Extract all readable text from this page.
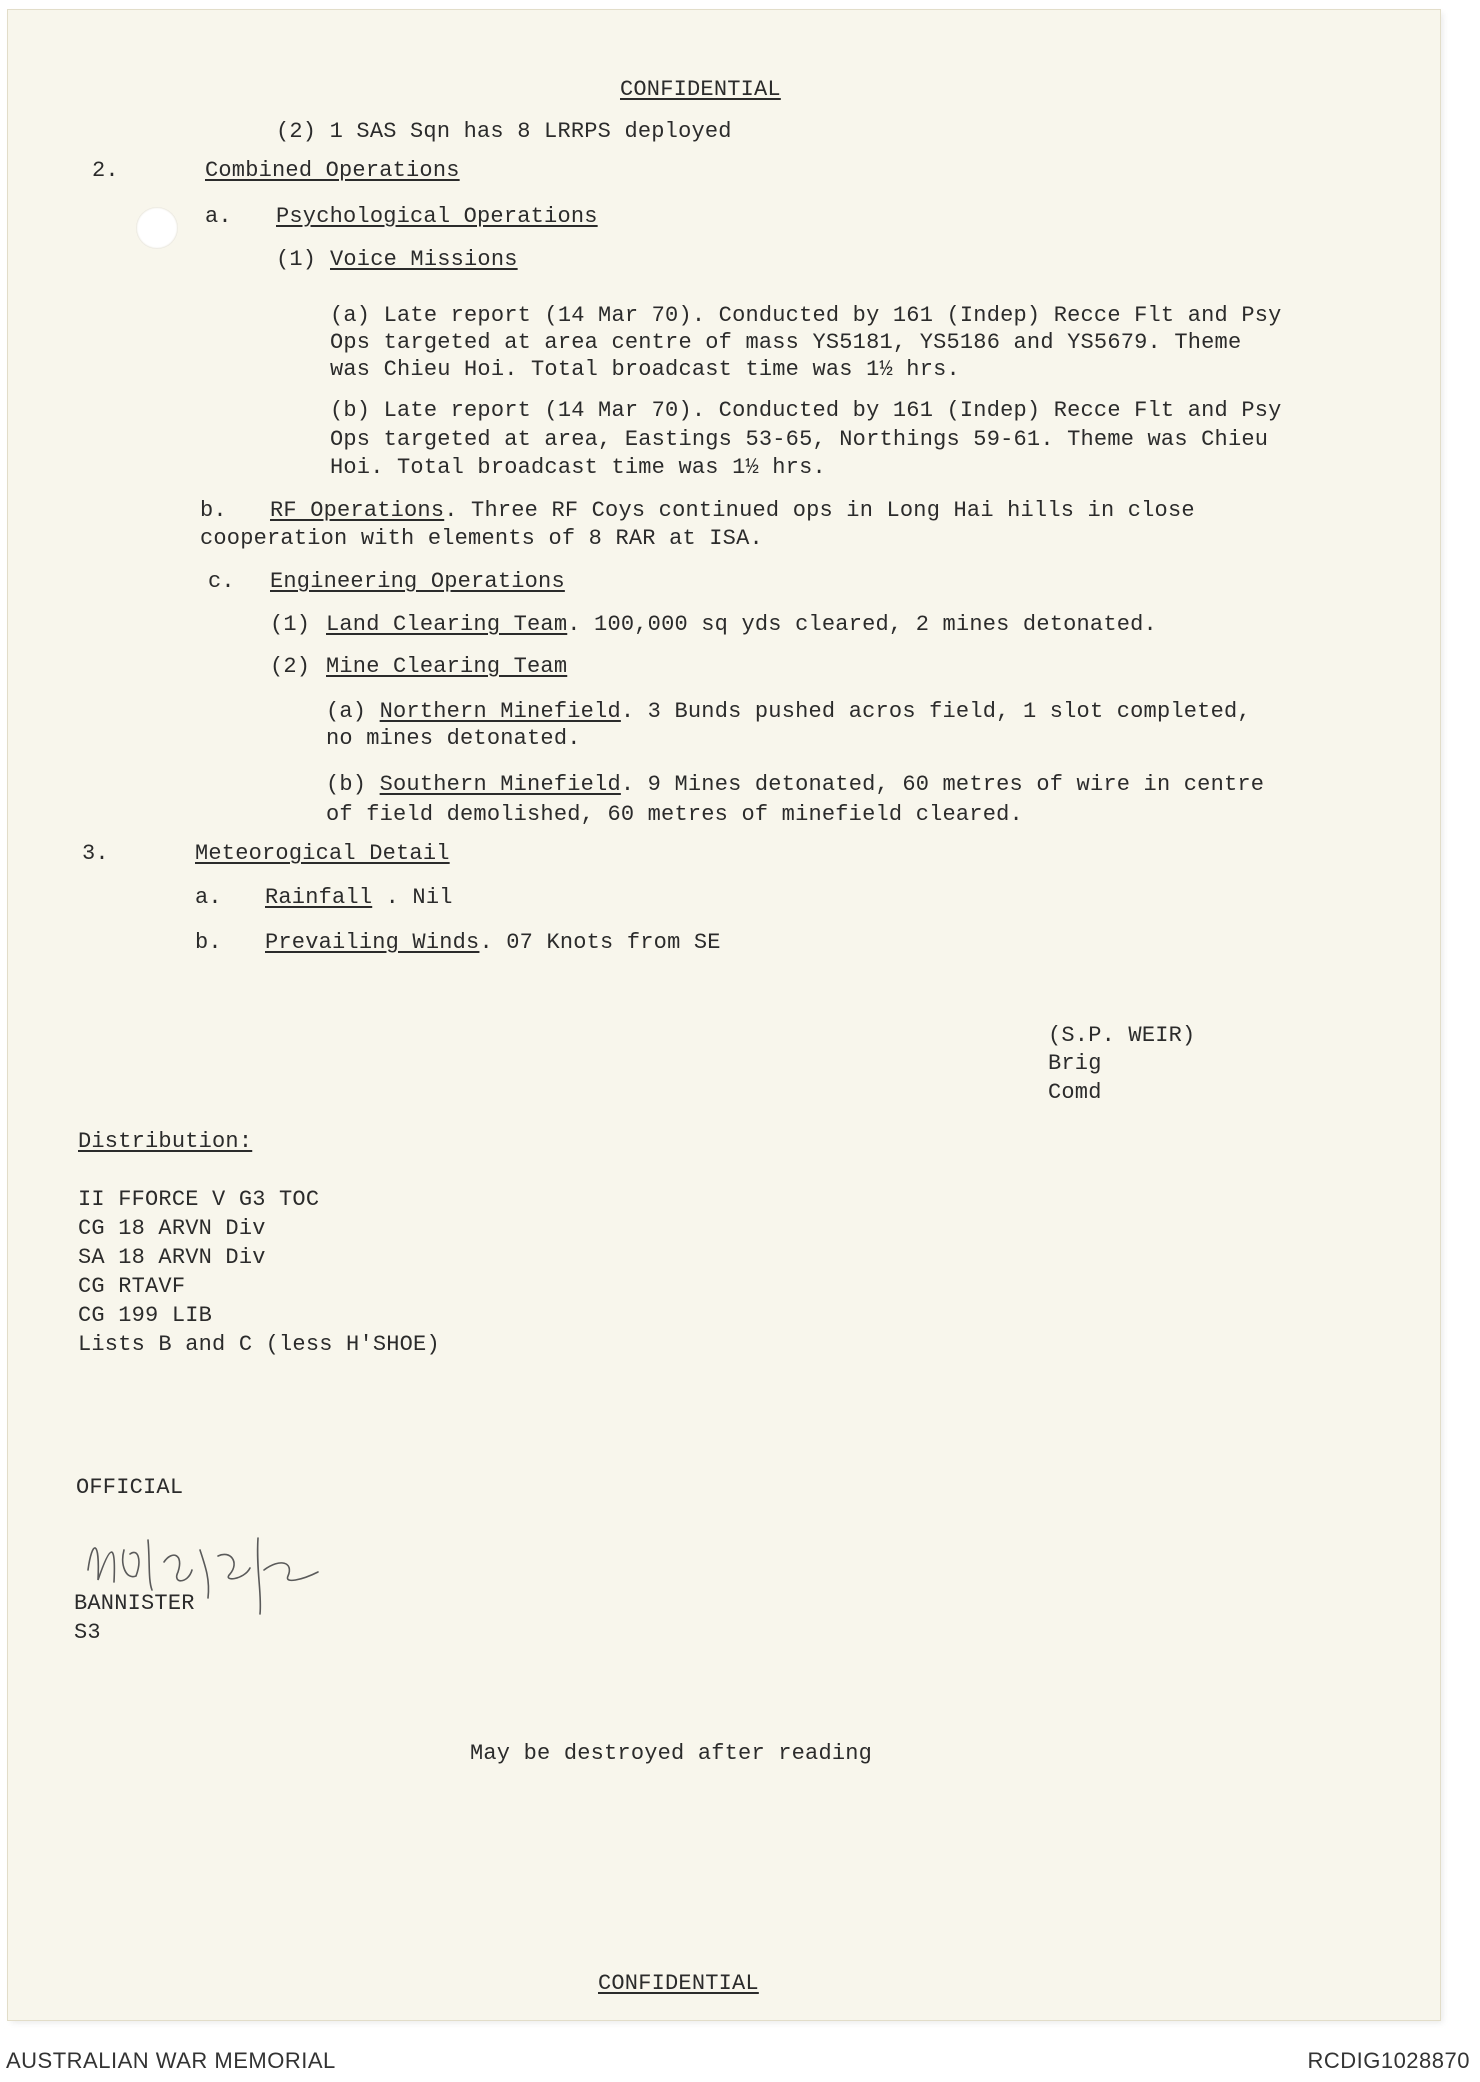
CONFIDENTIAL
(2) 1 SAS Sqn has 8 LRRPS deployed
2.	Combined Operations
a. Psychological Operations
(1) Voice Missions
(a) Late report (14 Mar 70). Conducted by 161 (Indep) Recce Flt and Psy
Ops targeted at area centre of mass YS5181, YS5186 and YS5679. Theme
was Chieu Hoi. Total broadcast time was 1½ hrs.
(b) Late report (14 Mar 70). Conducted by 161 (Indep) Recce Flt and Psy
Ops targeted at area, Eastings 53-65, Northings 59-61. Theme was Chieu
Hoi. Total broadcast time was 1½ hrs.
b. RF Operations. Three RF Coys continued ops in Long Hai hills in close
cooperation with elements of 8 RAR at ISA.
c. Engineering Operations
(1) Land Clearing Team. 100,000 sq yds cleared, 2 mines detonated.
(2) Mine Clearing Team
(a) Northern Minefield. 3 Bunds pushed acros field, 1 slot completed,
no mines detonated.
(b) Southern Minefield. 9 Mines detonated, 60 metres of wire in centre
of field demolished, 60 metres of minefield cleared.
3.	Meteorogical Detail
a. Rainfall . Nil
b. Prevailing Winds. 07 Knots from SE
(S.P. WEIR)
Brig
Comd
Distribution:
II FFORCE V G3 TOC
CG 18 ARVN Div
SA 18 ARVN Div
CG 199 LIB
CG RTAVF
Lists B and C (less H'SHOE)
OFFICIAL
BANNISTER
S3
May be destroyed after reading
CONFIDENTIAL
AUSTRALIAN WAR MEMORIAL	RCDIG1028870
